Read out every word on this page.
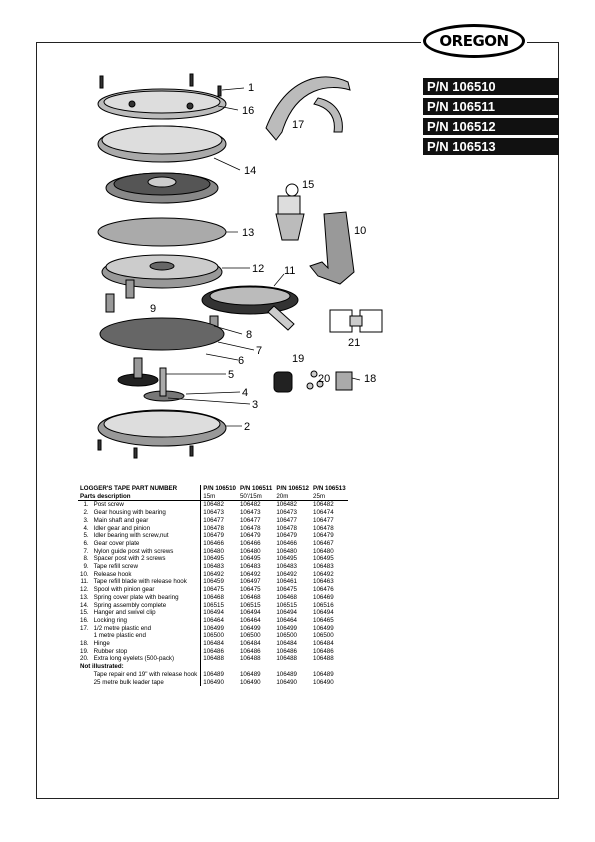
OREGON
P/N 106510
P/N 106511
P/N 106512
P/N 106513
1
16
17
14
15
13	10
12 11
9
8
7
6
21
19
5	20	18
4
3
2
LOGGER'S TAPE PART NUMBER		P/N 106510	P/N 106511	P/N 106512	P/N 106513
Parts description		15m	50'/15m	20m	25m
1.	Post screw	106482	106482	106482	106482
2.	Gear housing with bearing	106473	106473	106473	106474
3.	Main shaft and gear	106477	106477	106477	106477
4.	Idler gear and pinion	106478	106478	106478	106478
5.	Idler bearing with screw,nut	106479	106479	106479	106479
6.	Gear cover plate	106466	106466	106466	106467
7.	Nylon guide post with screws	106480	106480	106480	106480
8.	Spacer post with 2 screws	106495	106495	106495	106495
9.	Tape refill screw	106483	106483	106483	106483
10.	Release hook	106492	106492	106492	106492
11.	Tape refill blade with release hook	106459	106497	106461	106463
12.	Spool with pinion gear	106475	106475	106475	106476
13.	Spring cover plate with bearing	106468	106468	106468	106469
14.	Spring assembly complete	106515	106515	106515	106516
15.	Hanger and swivel clip	106494	106494	106494	106494
16.	Locking ring	106464	106464	106464	106465
17.	1/2 metre plastic end	106499	106499	106499	106499
	1 metre plastic end	106500	106500	106500	106500
18.	Hinge	106484	106484	106484	106484
19.	Rubber stop	106486	106486	106486	106486
20.	Extra long eyelets (500-pack)	106488	106488	106488	106488
Not illustrated:					
	Tape repair end 19" with release hook	106489	106489	106489	106489
	25 metre bulk leader tape	106490	106490	106490	106490
